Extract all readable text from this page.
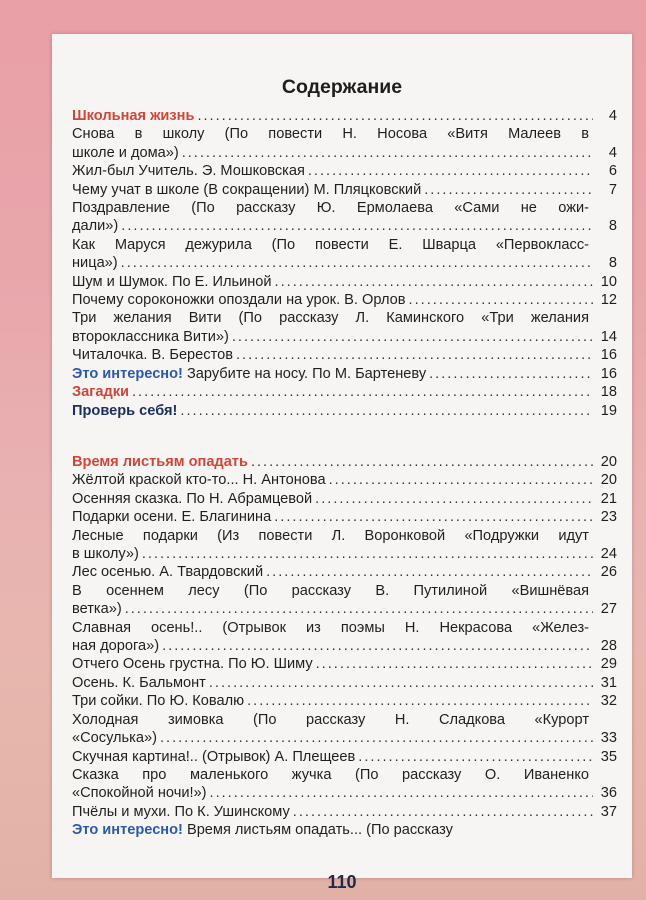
Содержание
Школьная жизнь .....	4
Снова в школу (По повести Н. Носова «Витя Малеев в
школе и дома») .....	4
Жил-был Учитель. Э. Мошковская .....	6
Чему учат в школе (В сокращении) М. Пляцковский .....	7
Поздравление (По рассказу Ю. Ермолаева «Сами не ожи-
дали») .....	8
Как Маруся дежурила (По повести Е. Шварца «Первокласс-
ница») .....	8
Шум и Шумок. По Е. Ильиной .....	10
Почему сороконожки опоздали на урок. В. Орлов .....	12
Три желания Вити (По рассказу Л. Каминского «Три желания
второклассника Вити») .....	14
Читалочка. В. Берестов .....	16
Это интересно! Зарубите на носу. По М. Бартеневу .....	16
Загадки .....	18
Проверь себя! .....	19
Время листьям опадать .....	20
Жёлтой краской кто-то... Н. Антонова .....	20
Осенняя сказка. По Н. Абрамцевой .....	21
Подарки осени. Е. Благинина .....	23
Лесные подарки (Из повести Л. Воронковой «Подружки идут
в школу») .....	24
Лес осенью. А. Твардовский .....	26
В осеннем лесу (По рассказу В. Путилиной «Вишнёвая
ветка») .....	27
Славная осень!.. (Отрывок из поэмы Н. Некрасова «Желез-
ная дорога») .....	28
Отчего Осень грустна. По Ю. Шиму .....	29
Осень. К. Бальмонт .....	31
Три сойки. По Ю. Ковалю .....	32
Холодная зимовка (По рассказу Н. Сладкова «Курорт
«Сосулька») .....	33
Скучная картина!.. (Отрывок) А. Плещеев .....	35
Сказка про маленького жучка (По рассказу О. Иваненко
«Спокойной ночи!») .....	36
Пчёлы и мухи. По К. Ушинскому .....	37
Это интересно! Время листьям опадать... (По рассказу
110
